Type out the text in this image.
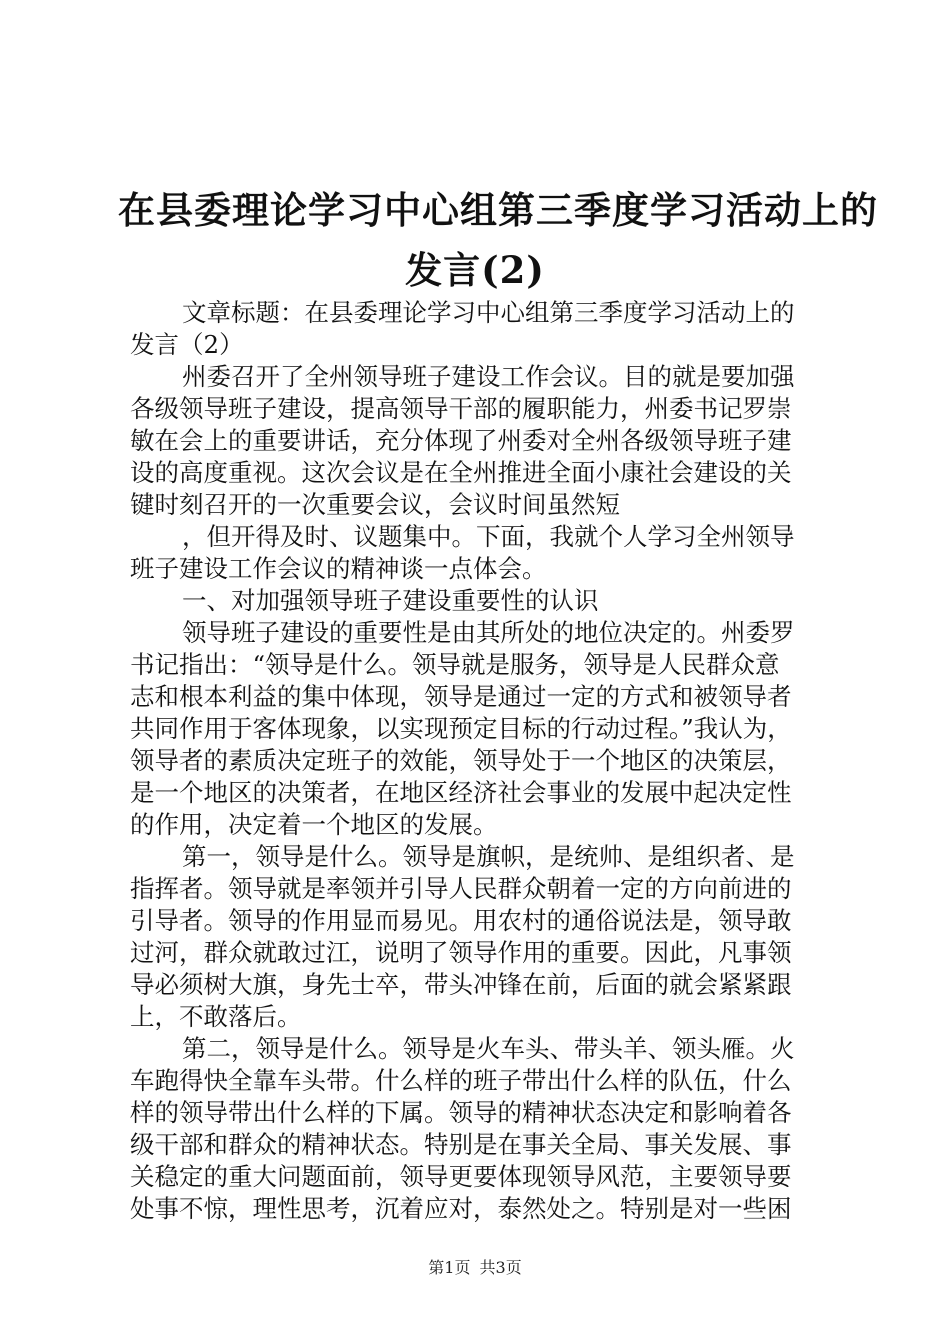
在县委理论学习中心组第三季度学习活动上的
发言(2)
文章标题：在县委理论学习中心组第三季度学习活动上的
发言（2）
州委召开了全州领导班子建设工作会议。目的就是要加强
各级领导班子建设，提高领导干部的履职能力，州委书记罗崇
敏在会上的重要讲话，充分体现了州委对全州各级领导班子建
设的高度重视。这次会议是在全州推进全面小康社会建设的关
键时刻召开的一次重要会议，会议时间虽然短
，但开得及时、议题集中。下面，我就个人学习全州领导
班子建设工作会议的精神谈一点体会。
一、对加强领导班子建设重要性的认识
领导班子建设的重要性是由其所处的地位决定的。州委罗
书记指出：“领导是什么。领导就是服务，领导是人民群众意
志和根本利益的集中体现，领导是通过一定的方式和被领导者
共同作用于客体现象，以实现预定目标的行动过程。”我认为，
领导者的素质决定班子的效能，领导处于一个地区的决策层，
是一个地区的决策者，在地区经济社会事业的发展中起决定性
的作用，决定着一个地区的发展。
第一，领导是什么。领导是旗帜，是统帅、是组织者、是
指挥者。领导就是率领并引导人民群众朝着一定的方向前进的
引导者。领导的作用显而易见。用农村的通俗说法是，领导敢
过河，群众就敢过江，说明了领导作用的重要。因此，凡事领
导必须树大旗，身先士卒，带头冲锋在前，后面的就会紧紧跟
上，不敢落后。
第二，领导是什么。领导是火车头、带头羊、领头雁。火
车跑得快全靠车头带。什么样的班子带出什么样的队伍，什么
样的领导带出什么样的下属。领导的精神状态决定和影响着各
级干部和群众的精神状态。特别是在事关全局、事关发展、事
关稳定的重大问题面前，领导更要体现领导风范，主要领导要
处事不惊，理性思考，沉着应对，泰然处之。特别是对一些困
第1页 共3页
